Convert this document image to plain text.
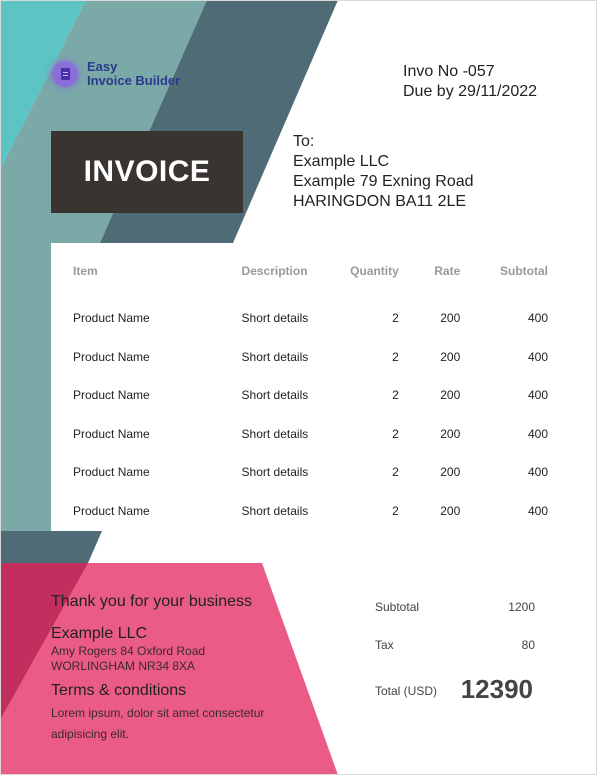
Easy
Invoice Builder
Invo No -057
Due by 29/11/2022
INVOICE
To:
Example LLC
Example 79 Exning Road
HARINGDON BA11 2LE
Item	Description	Quantity	Rate	Subtotal
Product Name	Short details	2	200	400
Product Name	Short details	2	200	400
Product Name	Short details	2	200	400
Product Name	Short details	2	200	400
Product Name	Short details	2	200	400
Product Name	Short details	2	200	400
Thank you for your business
Example LLC
Amy Rogers 84 Oxford Road
WORLINGHAM NR34 8XA
Terms & conditions
Lorem ipsum, dolor sit amet consectetur
adipisicing elit.
Subtotal	1200
Tax	80
Total (USD) 12390
